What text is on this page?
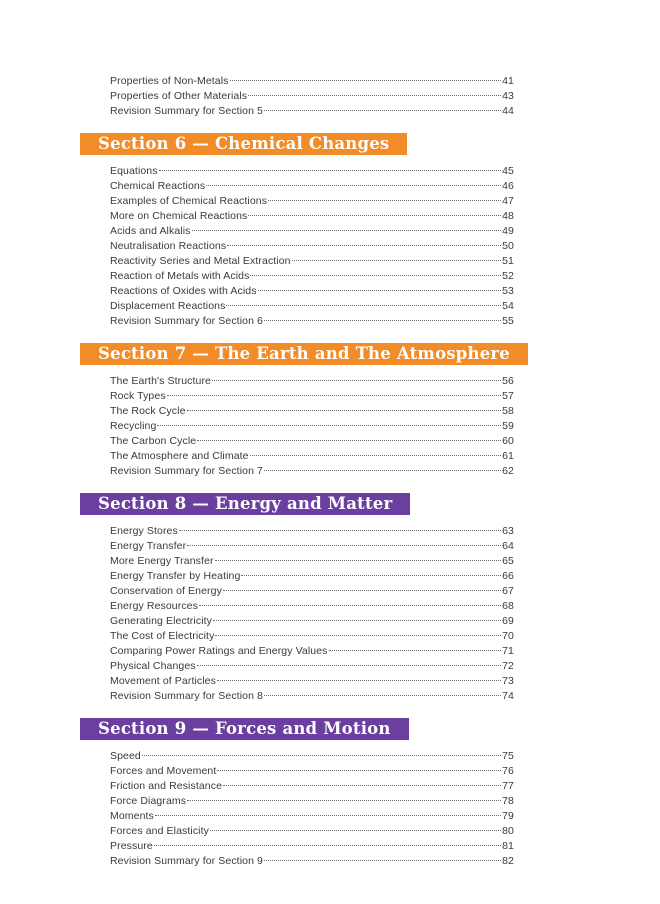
Properties of Non-Metals	41
Properties of Other Materials	43
Revision Summary for Section 5	44
Section 6 — Chemical Changes
Equations	45
Chemical Reactions	46
Examples of Chemical Reactions	47
More on Chemical Reactions	48
Acids and Alkalis	49
Neutralisation Reactions	50
Reactivity Series and Metal Extraction	51
Reaction of Metals with Acids	52
Reactions of Oxides with Acids	53
Displacement Reactions	54
Revision Summary for Section 6	55
Section 7 — The Earth and The Atmosphere
The Earth's Structure	56
Rock Types	57
The Rock Cycle	58
Recycling	59
The Carbon Cycle	60
The Atmosphere and Climate	61
Revision Summary for Section 7	62
Section 8 — Energy and Matter
Energy Stores	63
Energy Transfer	64
More Energy Transfer	65
Energy Transfer by Heating	66
Conservation of Energy	67
Energy Resources	68
Generating Electricity	69
The Cost of Electricity	70
Comparing Power Ratings and Energy Values	71
Physical Changes	72
Movement of Particles	73
Revision Summary for Section 8	74
Section 9 — Forces and Motion
Speed	75
Forces and Movement	76
Friction and Resistance	77
Force Diagrams	78
Moments	79
Forces and Elasticity	80
Pressure	81
Revision Summary for Section 9	82
